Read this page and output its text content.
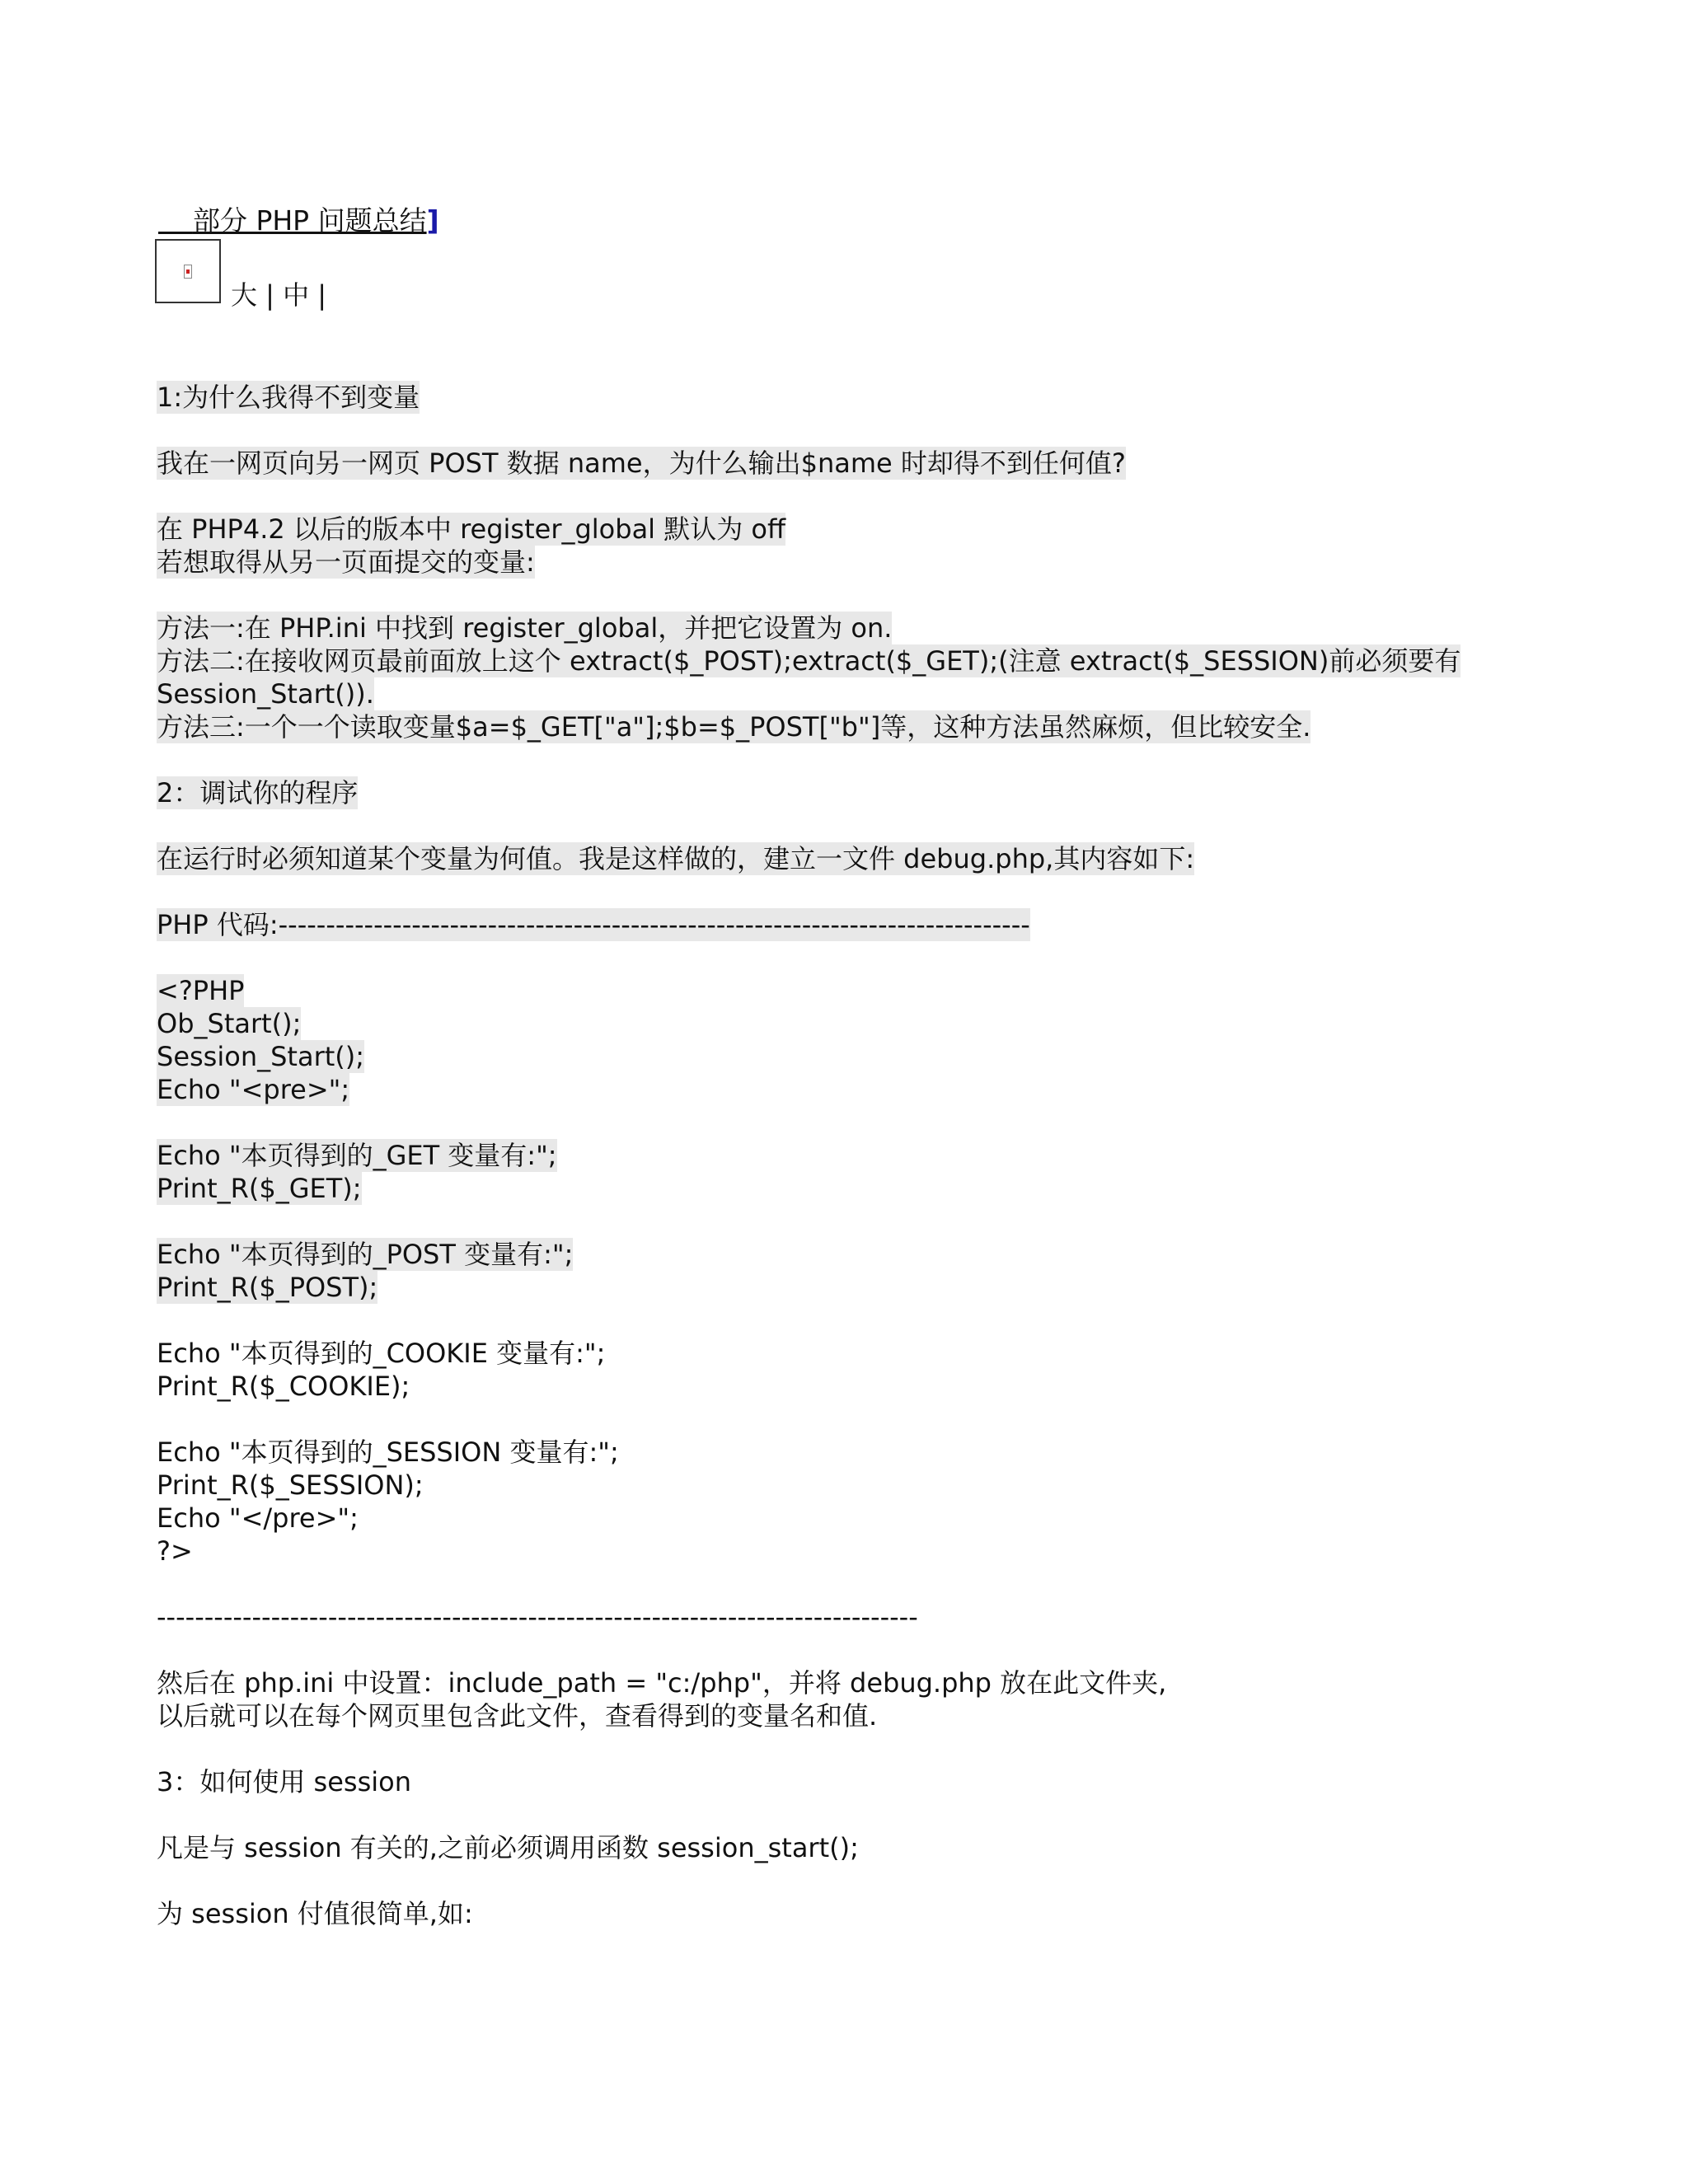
部分 PHP 问题总结]

大 | 中 |
1:为什么我得不到变量
我在一网页向另一网页 POST 数据 name，为什么输出$name 时却得不到任何值?
在 PHP4.2 以后的版本中 register_global 默认为 off
若想取得从另一页面提交的变量:
方法一:在 PHP.ini 中找到 register_global，并把它设置为 on.
方法二:在接收网页最前面放上这个 extract($_POST);extract($_GET);(注意 extract($_SESSION)前必须要有
Session_Start()).
方法三:一个一个读取变量$a=$_GET["a"];$b=$_POST["b"]等，这种方法虽然麻烦，但比较安全.
2：调试你的程序
在运行时必须知道某个变量为何值。我是这样做的，建立一文件 debug.php,其内容如下:
PHP 代码:-------------------------------------------------------------------------------
<?PHP
Ob_Start();
Session_Start();
Echo "<pre>";
Echo "本页得到的_GET 变量有:";
Print_R($_GET);
Echo "本页得到的_POST 变量有:";
Print_R($_POST);
Echo "本页得到的_COOKIE 变量有:";
Print_R($_COOKIE);
Echo "本页得到的_SESSION 变量有:";
Print_R($_SESSION);
Echo "</pre>";
?>
--------------------------------------------------------------------------------
然后在 php.ini 中设置：include_path = "c:/php"，并将 debug.php 放在此文件夹,
以后就可以在每个网页里包含此文件，查看得到的变量名和值.
3：如何使用 session
凡是与 session 有关的,之前必须调用函数 session_start();
为 session 付值很简单,如:
